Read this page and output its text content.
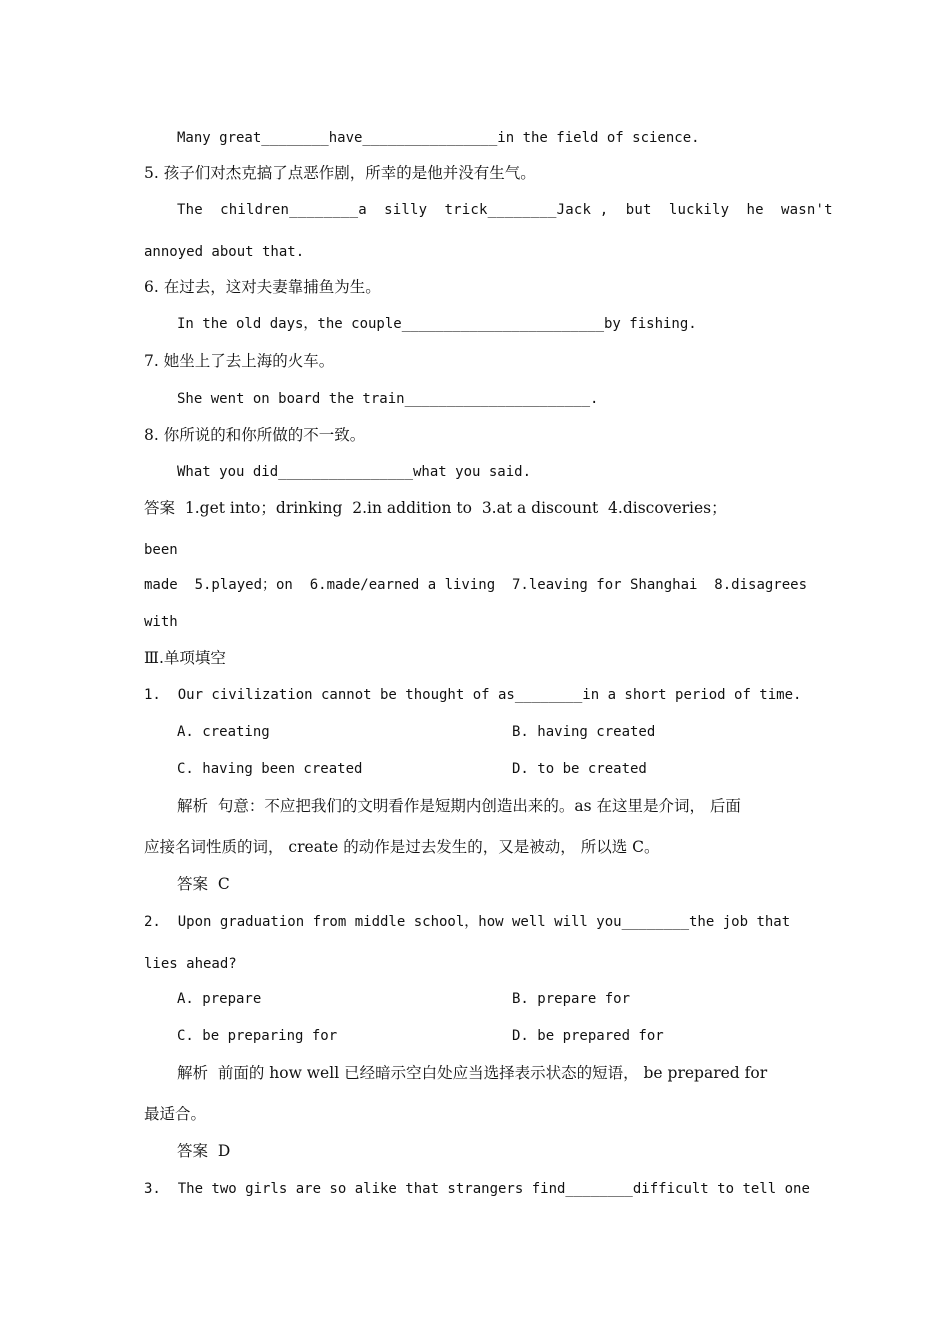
Many great________have________________in the field of science.
5. 孩子们对杰克搞了点恶作剧，所幸的是他并没有生气。
The  children________a  silly  trick________Jack ,  but  luckily  he  wasn't
annoyed about that.
6. 在过去，这对夫妻靠捕鱼为生。
In the old days，the couple________________________by fishing.
7. 她坐上了去上海的火车。
She went on board the train______________________.
8. 你所说的和你所做的不一致。
What you did________________what you said.
答案  1.get into；drinking  2.in addition to  3.at a discount  4.discoveries；
been
made  5.played；on  6.made/earned a living  7.leaving for Shanghai  8.disagrees
with
Ⅲ.单项填空
1.  Our civilization cannot be thought of as________in a short period of time.
A. creating	B. having created
C. having been created	D. to be created
解析  句意：不应把我们的文明看作是短期内创造出来的。as 在这里是介词， 后面
应接名词性质的词， create 的动作是过去发生的，又是被动， 所以选 C。
答案  C
2.  Upon graduation from middle school，how well will you________the job that
lies ahead?
A. prepare	B. prepare for
C. be preparing for	D. be prepared for
解析  前面的 how well 已经暗示空白处应当选择表示状态的短语， be prepared for
最适合。
答案  D
3.  The two girls are so alike that strangers find________difficult to tell one
